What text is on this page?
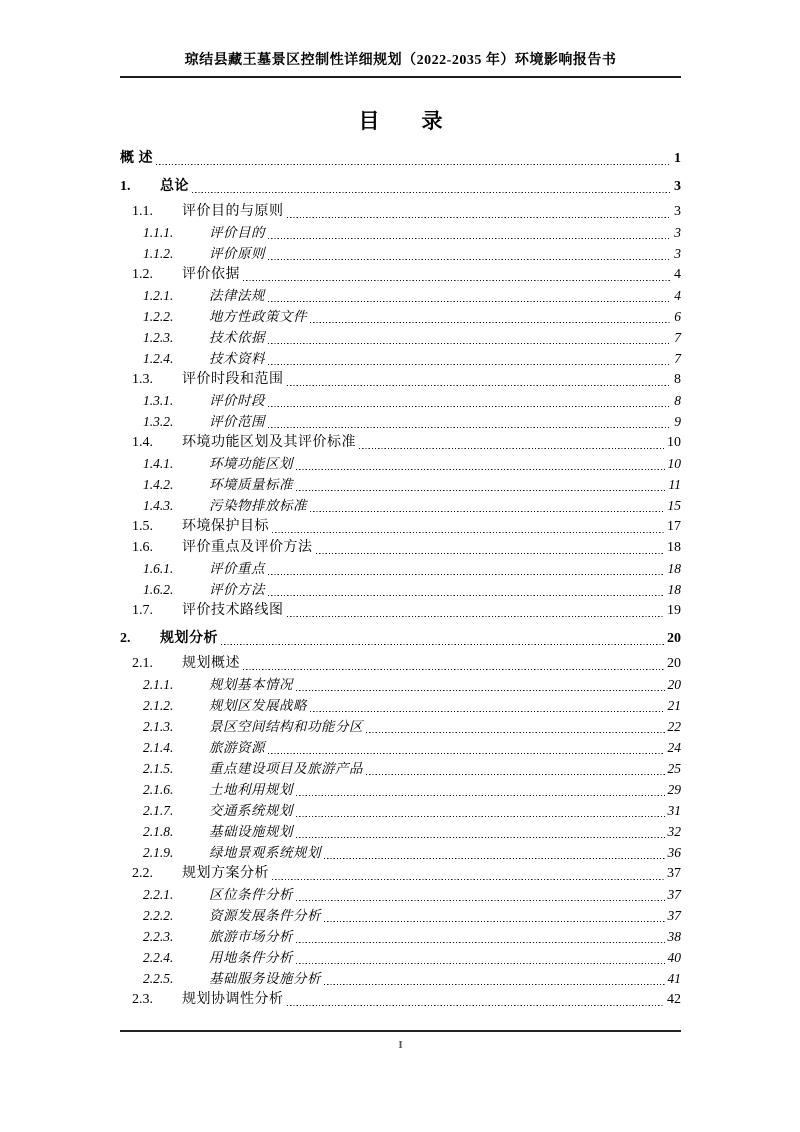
琼结县藏王墓景区控制性详细规划（2022-2035 年）环境影响报告书
目　　录
概 述	1
1.	总论	3
1.1.	评价目的与原则	3
1.1.1.	评价目的	3
1.1.2.	评价原则	3
1.2.	评价依据	4
1.2.1.	法律法规	4
1.2.2.	地方性政策文件	6
1.2.3.	技术依据	7
1.2.4.	技术资料	7
1.3.	评价时段和范围	8
1.3.1.	评价时段	8
1.3.2.	评价范围	9
1.4.	环境功能区划及其评价标准	10
1.4.1.	环境功能区划	10
1.4.2.	环境质量标准	11
1.4.3.	污染物排放标准	15
1.5.	环境保护目标	17
1.6.	评价重点及评价方法	18
1.6.1.	评价重点	18
1.6.2.	评价方法	18
1.7.	评价技术路线图	19
2.	规划分析	20
2.1.	规划概述	20
2.1.1.	规划基本情况	20
2.1.2.	规划区发展战略	21
2.1.3.	景区空间结构和功能分区	22
2.1.4.	旅游资源	24
2.1.5.	重点建设项目及旅游产品	25
2.1.6.	土地利用规划	29
2.1.7.	交通系统规划	31
2.1.8.	基础设施规划	32
2.1.9.	绿地景观系统规划	36
2.2.	规划方案分析	37
2.2.1.	区位条件分析	37
2.2.2.	资源发展条件分析	37
2.2.3.	旅游市场分析	38
2.2.4.	用地条件分析	40
2.2.5.	基础服务设施分析	41
2.3.	规划协调性分析	42
I
